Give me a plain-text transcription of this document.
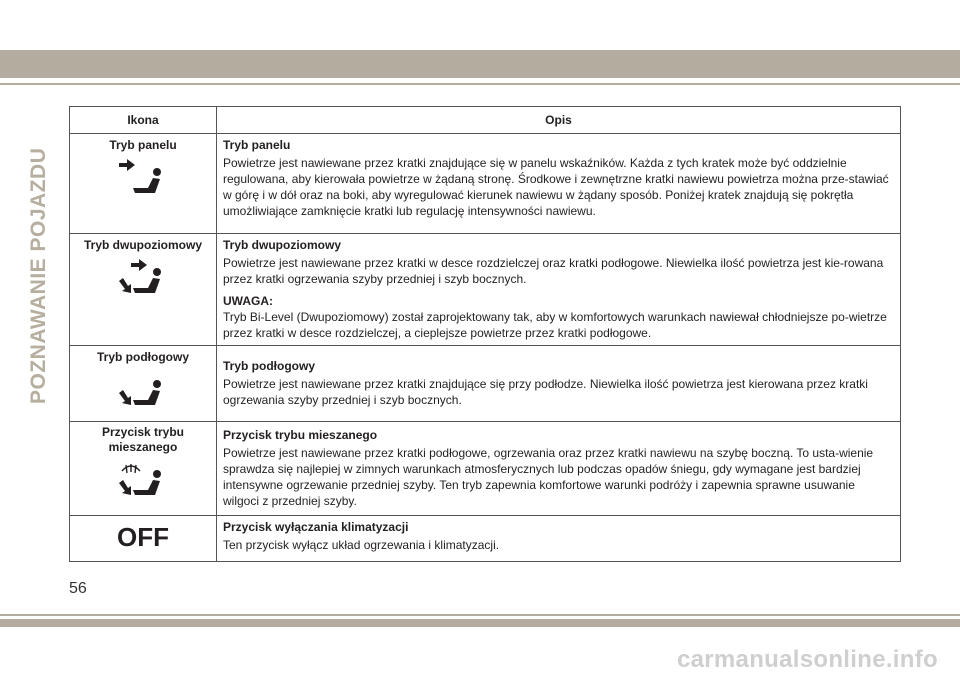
POZNAWANIE POJAZDU
Ikona	Opis

Tryb panelu	Tryb panelu
Powietrze jest nawiewane przez kratki znajdujące się w panelu wskaźników. Każda z tych kratek może być oddzielnie regulowana, aby kierowała powietrze w żądaną stronę. Środkowe i zewnętrzne kratki nawiewu powietrza można prze-stawiać w górę i w dół oraz na boki, aby wyregulować kierunek nawiewu w żądany sposób. Poniżej kratek znajdują się pokrętła umożliwiające zamknięcie kratki lub regulację intensywności nawiewu.

Tryb dwupoziomowy	Tryb dwupoziomowy
Powietrze jest nawiewane przez kratki w desce rozdzielczej oraz kratki podłogowe. Niewielka ilość powietrza jest kie-rowana przez kratki ogrzewania szyby przedniej i szyb bocznych.
UWAGA:
Tryb Bi-Level (Dwupoziomowy) został zaprojektowany tak, aby w komfortowych warunkach nawiewał chłodniejsze po-wietrze przez kratki w desce rozdzielczej, a cieplejsze powietrze przez kratki podłogowe.

Tryb podłogowy	Tryb podłogowy
Powietrze jest nawiewane przez kratki znajdujące się przy podłodze. Niewielka ilość powietrza jest kierowana przez kratki ogrzewania szyby przedniej i szyb bocznych.

Przycisk trybu mieszanego	Przycisk trybu mieszanego
Powietrze jest nawiewane przez kratki podłogowe, ogrzewania oraz przez kratki nawiewu na szybę boczną. To usta-wienie sprawdza się najlepiej w zimnych warunkach atmosferycznych lub podczas opadów śniegu, gdy wymagane jest bardziej intensywne ogrzewanie przedniej szyby. Ten tryb zapewnia komfortowe warunki podróży i zapewnia sprawne usuwanie wilgoci z przedniej szyby.

OFF	Przycisk wyłączania klimatyzacji
Ten przycisk wyłącz układ ogrzewania i klimatyzacji.
56
carmanualsonline.info
